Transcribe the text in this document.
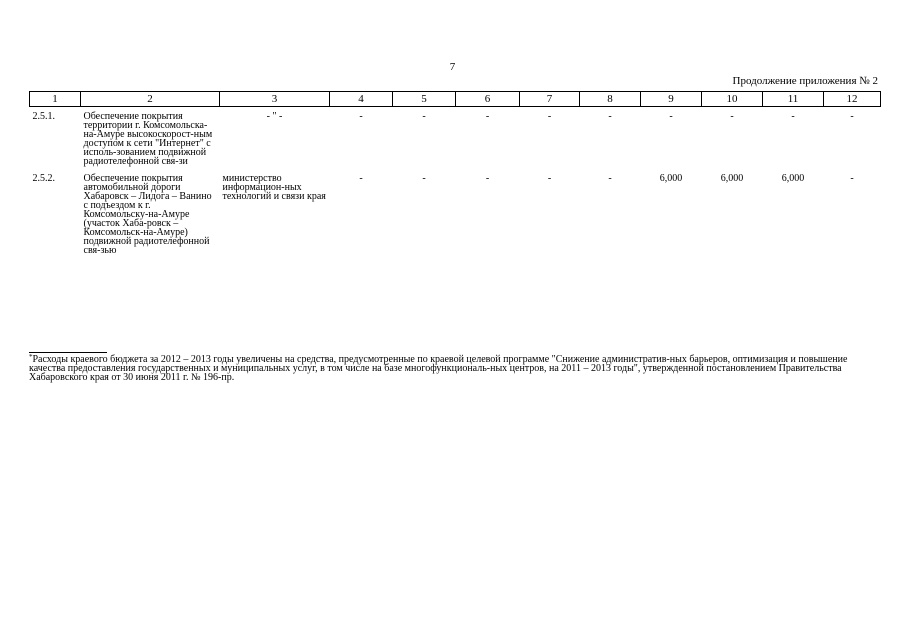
7
Продолжение приложения № 2
1	2	3	4	5	6	7	8	9	10	11	12
2.5.1.	Обеспечение покрытия территории г. Комсомольска-на-Амуре высокоскорост-ным доступом к сети "Интернет" с исполь-зованием подвижной радиотелефонной свя-зи	- " -	-	-	-	-	-	-	-	-	-
2.5.2.	Обеспечение покрытия автомобильной дороги Хабаровск – Лидога – Ванино с подъездом к г. Комсомольску-на-Амуре (участок Хаба-ровск – Комсомольск-на-Амуре) подвижной радиотелефонной свя-зью	министерство информацион-ных технологий и связи края	-	-	-	-	-	6,000	6,000	6,000	-
*Расходы краевого бюджета за 2012 – 2013 годы увеличены на средства, предусмотренные по краевой целевой программе "Снижение административ-ных барьеров, оптимизация и повышение качества предоставления государственных и муниципальных услуг, в том числе на базе многофункциональ-ных центров, на 2011 – 2013 годы", утвержденной постановлением Правительства Хабаровского края от 30 июня 2011 г. № 196-пр.
